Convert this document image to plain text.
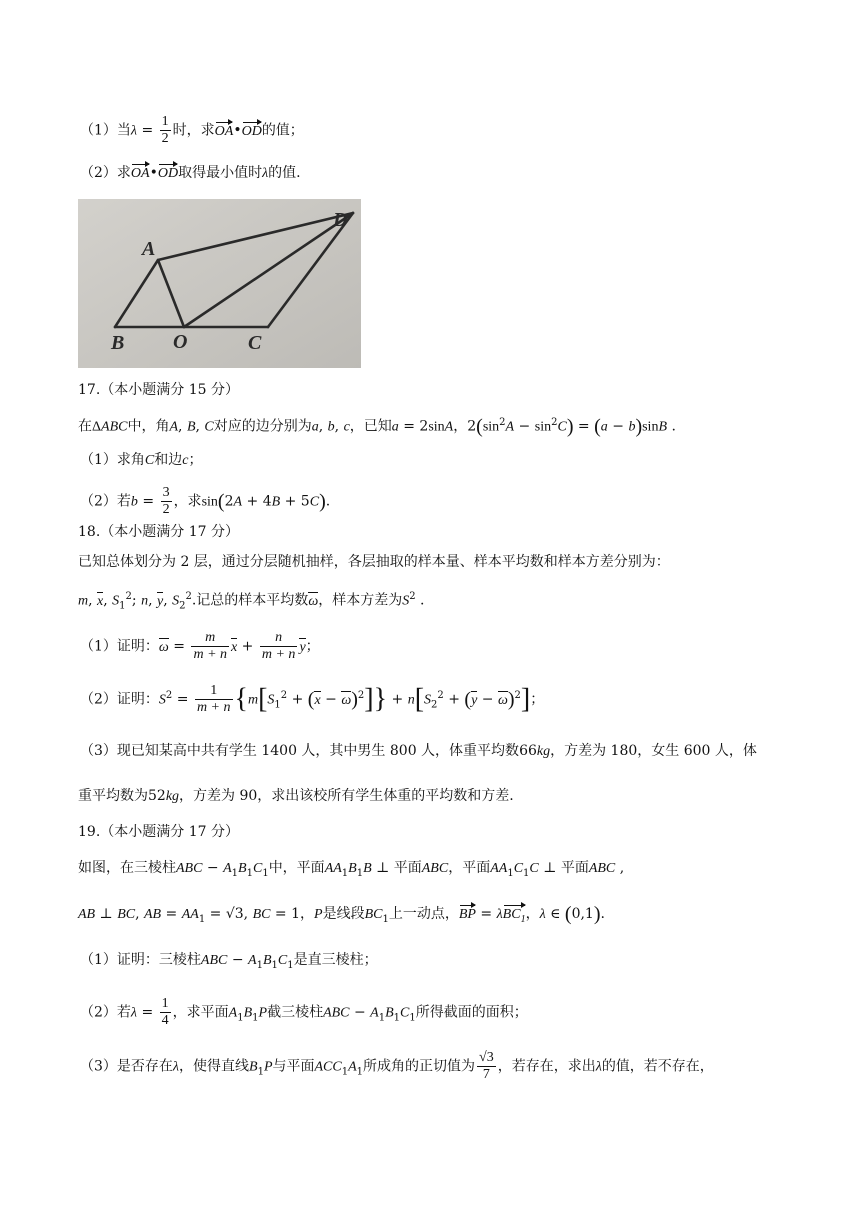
（1）当$\lambda = \frac{1}{2}$ 时，求OA•OD的值；
（2）求OA•OD取得最小值时λ的值.
A
B O	C
D
17.（本小题满分 15 分）
在ΔABC中，角A, B, C对应的边分别为a, b, c，已知a = 2sinA，$2(\sin^2A - \sin^2C) = (a - b)\sin B$ .
（1）求角C和边c；
（2）若$b = \frac{3}{2}$ ，求sin(2A + 4B + 5C).
18.（本小题满分 17 分）
已知总体划分为 2 层，通过分层随机抽样，各层抽取的样本量、样本平均数和样本方差分别为：
m, x, $S_1^2$; n, y, $S_2^2$.记总的样本平均数ω，样本方差为$S^2$ .
（1）证明：$\omega = \frac{m}{m + n}$ $x + \frac{n}{m + n}$ y；
（2）证明：$S^2 = \frac{1}{m + n} \{m[S_1^2 + (x - \omega)^2]\} + n[S_2^2 + (y - \omega)^2]$；
（3）现已知某高中共有学生 1400 人，其中男生 800 人，体重平均数66kg，方差为 180，女生 600 人，体
重平均数为52kg，方差为 90，求出该校所有学生体重的平均数和方差.
19.（本小题满分 17 分）
如图，在三棱柱ABC − $A_1B_1C_1$中，平面$AA_1B_1B$ ⊥ 平面ABC，平面$AA_1C_1C$ ⊥ 平面ABC ,
AB ⊥ BC, AB = $AA_1 = √3$, BC = 1，P是线段$BC_1$上一动点，BP = λBC$_1$，λ ∈ (0,1).
（1）证明：三棱柱ABC − $A_1B_1C_1$是直三棱柱；
（2）若$\lambda = \frac{1}{4}$ ，求平面$A_1B_1P$截三棱柱ABC − $A_1B_1C_1$所得截面的面积；
（3）是否存在λ，使得直线$B_1P$与平面$ACC_1A_1$所成角的正切值为 $\frac{√3}{7}$ ，若存在，求出λ的值，若不存在，
